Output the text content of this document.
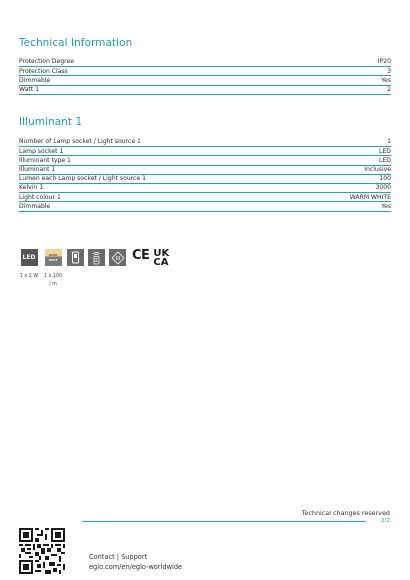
Technical Information
Protection Degree	IP20
Protection Class	3
Dimmable	Yes
Watt 1	2
Illuminant 1
Number of Lamp socket / Light source 1	1
Lamp socket 1	LED
Illuminant type 1	LED
Illuminant 1	Inclusive
Lumen each Lamp socket / Light source 1	100
Kelvin 1	3000
Light colour 1	WARM WHITE
Dimmable	Yes
LED
1 x 2 W
WARM
WHITE
1 x 100 l m
CE UK
CA
Technical changes reserved
2/2
Contact | Support
eglo.com/en/eglo-worldwide
